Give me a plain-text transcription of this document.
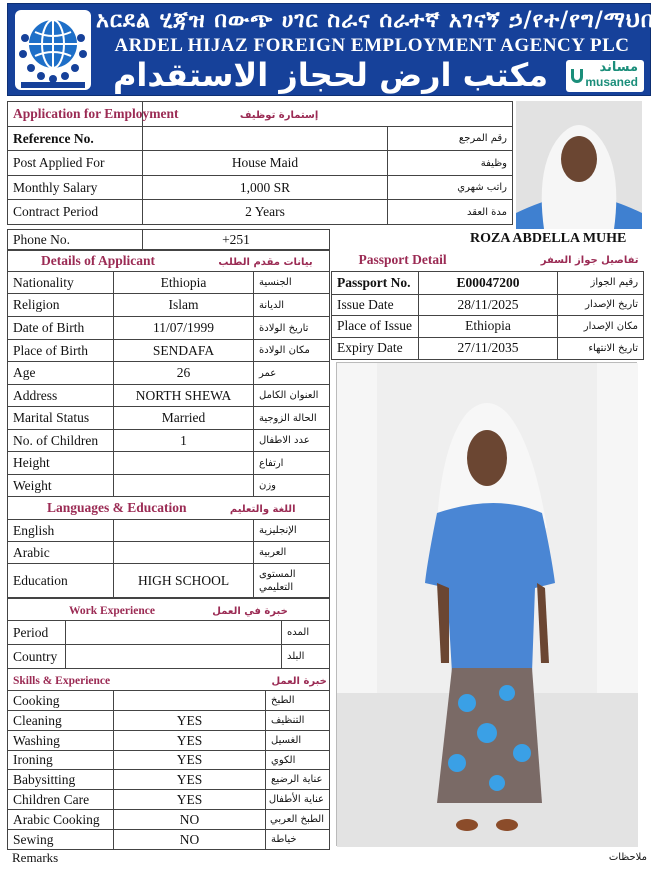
አርደል ሂጃዝ በውጭ ሀገር ስራና ሰራተኛ አገናኝ ኃ/የተ/የግ/ማህበር
ARDEL HIJAZ FOREIGN EMPLOYMENT AGENCY PLC
مكتب ارض لحجاز الاستقدام	مساند
musaned
Application for Employment إستمارة توظيف		
Reference No.		رقم المرجع
Post Applied For	House Maid	وظيفة
Monthly Salary	1,000 SR	راتب شهري
Contract Period	2 Years	مدة العقد
Phone No.	+251	ROZA ABDELLA MUHE
Details of Applicant بيانات مقدم الطلب		
Nationality	Ethiopia	الجنسية
Religion	Islam	الديانة
Date of Birth	11/07/1999	تاريخ الولادة
Place of Birth	SENDAFA	مكان الولادة
Age	26	عمر
Address	NORTH SHEWA	العنوان الكامل
Marital Status	Married	الحالة الزوجية
No. of Children	1	عدد الاطفال
Height		ارتفاع
Weight		وزن
Languages & Education اللغة والتعليم		
English		الإنجليزية
Arabic		العربية
Education	HIGH SCHOOL	المستوى التعليمي
Work Experience خبرة في العمل		
Period		المده
Country		البلد
Skills & Experience خبرة العمل		
Cooking		الطبخ
Cleaning	YES	التنظيف
Washing	YES	الغسيل
Ironing	YES	الكوي
Babysitting	YES	عناية الرضيع
Children Care	YES	عناية الأطفال
Arabic Cooking	NO	الطبخ العربي
Sewing	NO	خياطة
Remarks	ملاحظات
Passport Detail تفاصيل جواز السفر		

Passport No.	E00047200	رقيم الجواز
Issue Date	28/11/2025	تاريخ الإصدار
Place of Issue	Ethiopia	مكان الإصدار
Expiry Date	27/11/2035	تاريخ الانتهاء
